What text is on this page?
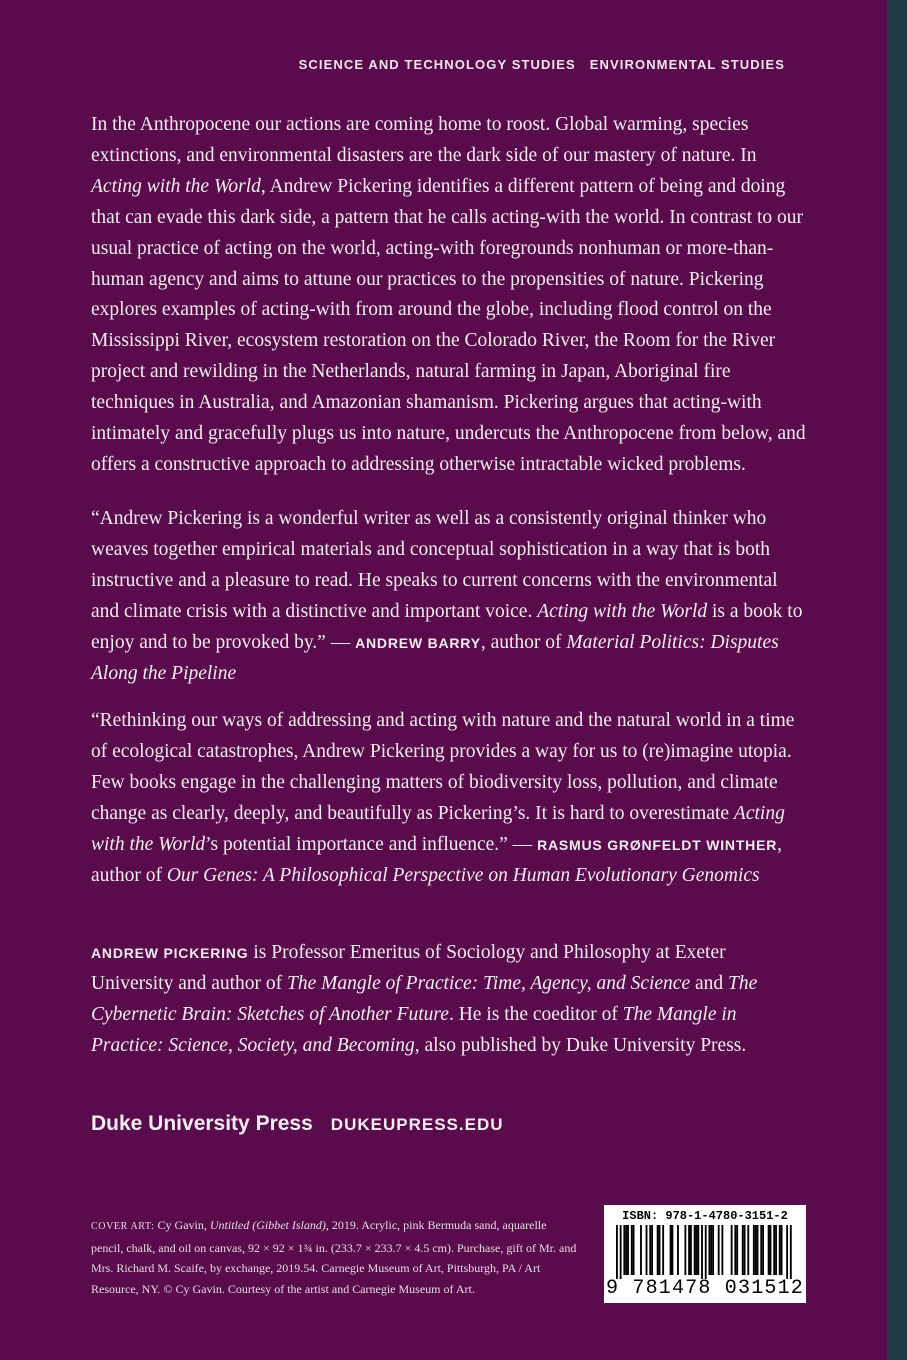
SCIENCE AND TECHNOLOGY STUDIES ENVIRONMENTAL STUDIES
In the Anthropocene our actions are coming home to roost. Global warming, species extinctions, and environmental disasters are the dark side of our mastery of nature. In Acting with the World, Andrew Pickering identifies a different pattern of being and doing that can evade this dark side, a pattern that he calls acting-with the world. In contrast to our usual practice of acting on the world, acting-with foregrounds nonhuman or more-than-human agency and aims to attune our practices to the propensities of nature. Pickering explores examples of acting-with from around the globe, including flood control on the Mississippi River, ecosystem restoration on the Colorado River, the Room for the River project and rewilding in the Netherlands, natural farming in Japan, Aboriginal fire techniques in Australia, and Amazonian shamanism. Pickering argues that acting-with intimately and gracefully plugs us into nature, undercuts the Anthropocene from below, and offers a constructive approach to addressing otherwise intractable wicked problems.
“Andrew Pickering is a wonderful writer as well as a consistently original thinker who weaves together empirical materials and conceptual sophistication in a way that is both instructive and a pleasure to read. He speaks to current concerns with the environmental and climate crisis with a distinctive and important voice. Acting with the World is a book to enjoy and to be provoked by.” — ANDREW BARRY, author of Material Politics: Disputes Along the Pipeline
“Rethinking our ways of addressing and acting with nature and the natural world in a time of ecological catastrophes, Andrew Pickering provides a way for us to (re)imagine utopia. Few books engage in the challenging matters of biodiversity loss, pollution, and climate change as clearly, deeply, and beautifully as Pickering’s. It is hard to overestimate Acting with the World’s potential importance and influence.” — RASMUS GRØNFELDT WINTHER, author of Our Genes: A Philosophical Perspective on Human Evolutionary Genomics
ANDREW PICKERING is Professor Emeritus of Sociology and Philosophy at Exeter University and author of The Mangle of Practice: Time, Agency, and Science and The Cybernetic Brain: Sketches of Another Future. He is the coeditor of The Mangle in Practice: Science, Society, and Becoming, also published by Duke University Press.
Duke University Press DUKEUPRESS.EDU
COVER ART: Cy Gavin, Untitled (Gibbet Island), 2019. Acrylic, pink Bermuda sand, aquarelle pencil, chalk, and oil on canvas, 92 × 92 × 1¾ in. (233.7 × 233.7 × 4.5 cm). Purchase, gift of Mr. and Mrs. Richard M. Scaife, by exchange, 2019.54. Carnegie Museum of Art, Pittsburgh, PA / Art Resource, NY. © Cy Gavin. Courtesy of the artist and Carnegie Museum of Art.
ISBN: 978-1-4780-3151-2
9 781478 031512
